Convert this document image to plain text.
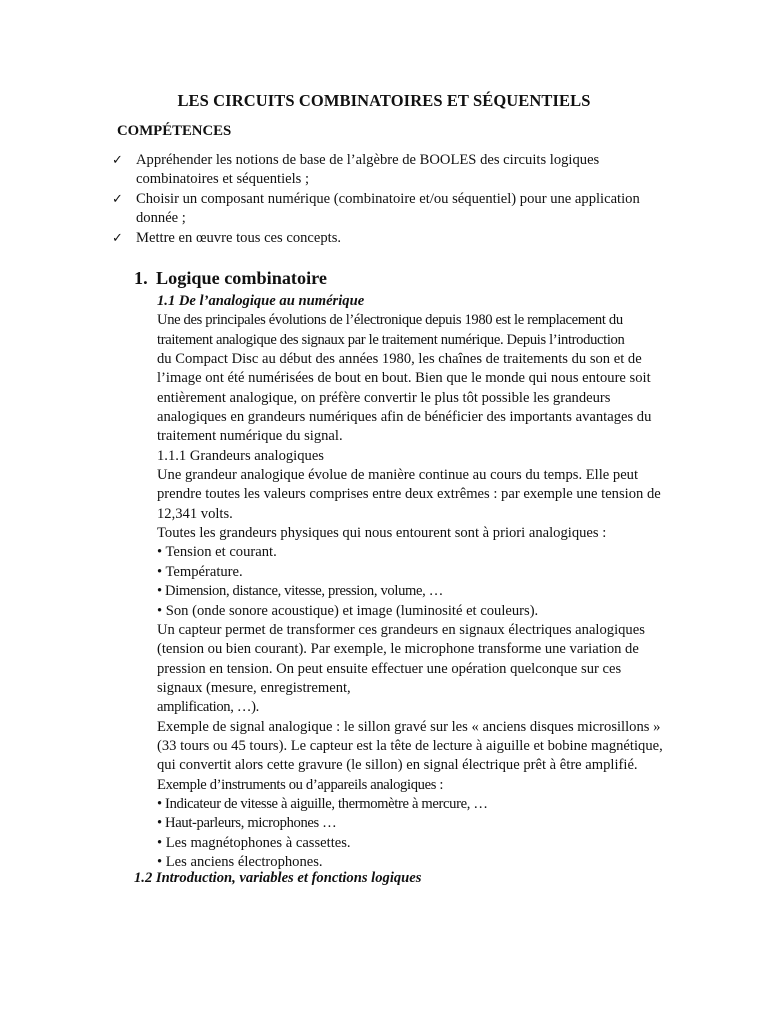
LES CIRCUITS COMBINATOIRES ET SÉQUENTIELS
COMPÉTENCES
✓ Appréhender les notions de base de l’algèbre de BOOLES des circuits logiques
combinatoires et séquentiels ;
✓ Choisir un composant numérique (combinatoire et/ou séquentiel) pour une application
donnée ;
✓ Mettre en œuvre tous ces concepts.
1. Logique combinatoire

1.1 De l’analogique au numérique

Une des principales évolutions de l’électronique depuis 1980 est le remplacement du

traitement analogique des signaux par le traitement numérique. Depuis l’introduction

du Compact Disc au début des années 1980, les chaînes de traitements du son et de

l’image ont été numérisées de bout en bout. Bien que le monde qui nous entoure soit

entièrement analogique, on préfère convertir le plus tôt possible les grandeurs

analogiques en grandeurs numériques afin de bénéficier des importants avantages du

traitement numérique du signal.

1.1.1 Grandeurs analogiques

Une grandeur analogique évolue de manière continue au cours du temps. Elle peut

prendre toutes les valeurs comprises entre deux extrêmes : par exemple une tension de

12,341 volts.

Toutes les grandeurs physiques qui nous entourent sont à priori analogiques :

• Tension et courant.

• Température.

• Dimension, distance, vitesse, pression, volume, …

• Son (onde sonore acoustique) et image (luminosité et couleurs).

Un capteur permet de transformer ces grandeurs en signaux électriques analogiques

(tension ou bien courant). Par exemple, le microphone transforme une variation de

pression en tension. On peut ensuite effectuer une opération quelconque sur ces

signaux (mesure, enregistrement,

amplification, …).

Exemple de signal analogique : le sillon gravé sur les « anciens disques microsillons »

(33 tours ou 45 tours). Le capteur est la tête de lecture à aiguille et bobine magnétique,

qui convertit alors cette gravure (le sillon) en signal électrique prêt à être amplifié.

Exemple d’instruments ou d’appareils analogiques :

• Indicateur de vitesse à aiguille, thermomètre à mercure, …

• Haut-parleurs, microphones …

• Les magnétophones à cassettes.

• Les anciens électrophones.

1.2 Introduction, variables et fonctions logiques
